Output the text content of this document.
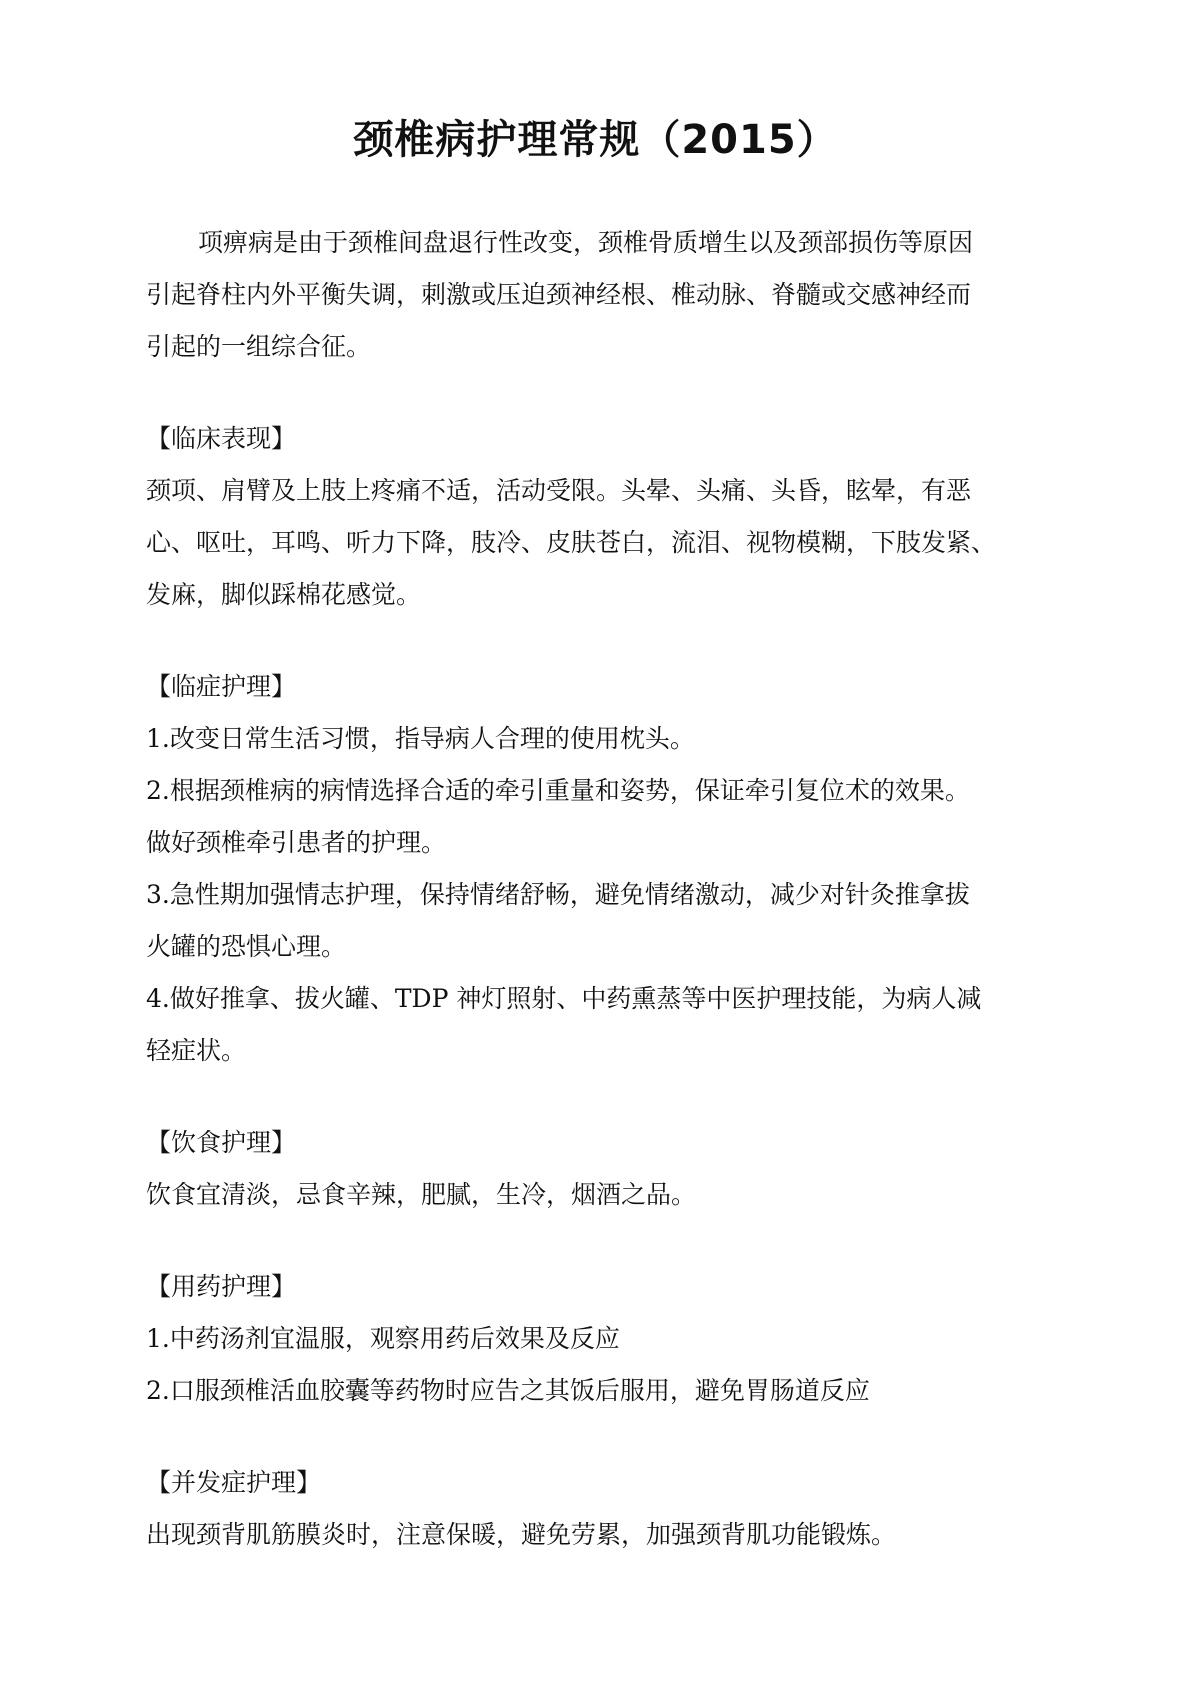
颈椎病护理常规（2015）

项痹病是由于颈椎间盘退行性改变，颈椎骨质增生以及颈部损伤等原因

引起脊柱内外平衡失调，刺激或压迫颈神经根、椎动脉、脊髓或交感神经而

引起的一组综合征。

【临床表现】

颈项、肩臂及上肢上疼痛不适，活动受限。头晕、头痛、头昏，眩晕，有恶

心、呕吐，耳鸣、听力下降，肢冷、皮肤苍白，流泪、视物模糊，下肢发紧、

发麻，脚似踩棉花感觉。

【临症护理】

1.改变日常生活习惯，指导病人合理的使用枕头。

2.根据颈椎病的病情选择合适的牵引重量和姿势，保证牵引复位术的效果。

做好颈椎牵引患者的护理。

3.急性期加强情志护理，保持情绪舒畅，避免情绪激动，减少对针灸推拿拔

火罐的恐惧心理。

4.做好推拿、拔火罐、TDP 神灯照射、中药熏蒸等中医护理技能，为病人减

轻症状。

【饮食护理】

饮食宜清淡，忌食辛辣，肥腻，生冷，烟酒之品。

【用药护理】

1.中药汤剂宜温服，观察用药后效果及反应

2.口服颈椎活血胶囊等药物时应告之其饭后服用，避免胃肠道反应

【并发症护理】

出现颈背肌筋膜炎时，注意保暖，避免劳累，加强颈背肌功能锻炼。
